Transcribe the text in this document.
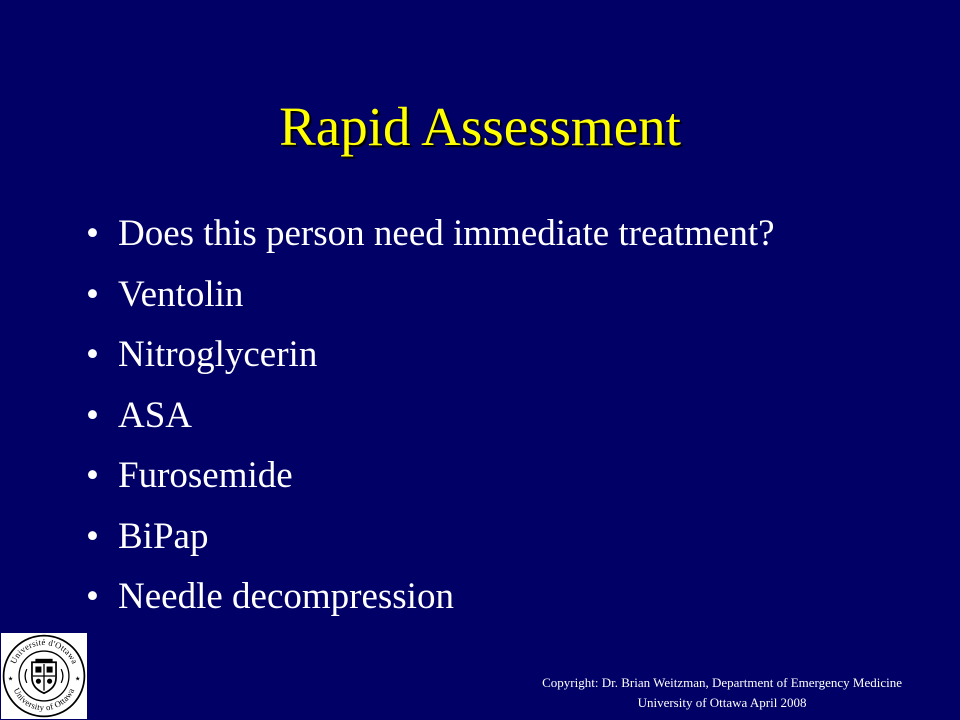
Rapid Assessment
• Does this person need immediate treatment?
• Ventolin
• Nitroglycerin
• ASA
• Furosemide
• BiPap
• Needle decompression
Université d'Ottawa
University of Ottawa
★	★	Copyright: Dr. Brian Weitzman, Department of Emergency Medicine
University of Ottawa April 2008
